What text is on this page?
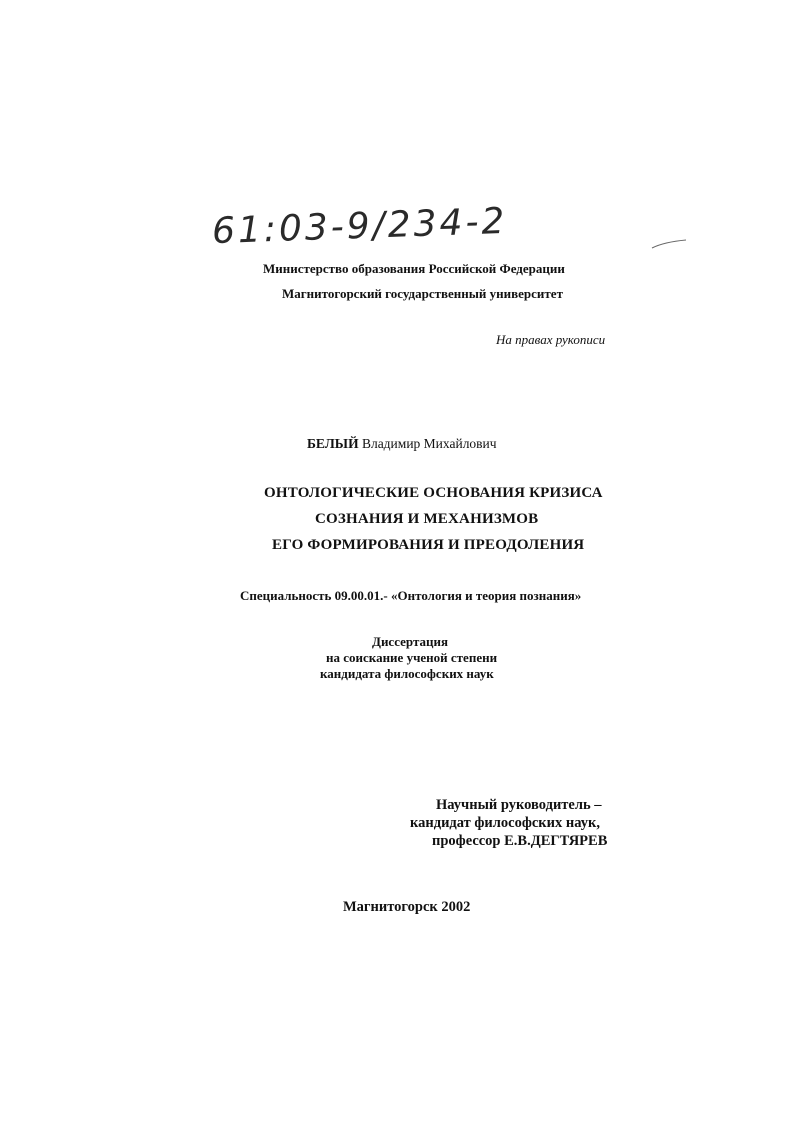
61:03-9/234-2
Министерство образования Российской Федерации
Магнитогорский государственный университет
На правах рукописи
БЕЛЫЙ Владимир Михайлович
ОНТОЛОГИЧЕСКИЕ ОСНОВАНИЯ КРИЗИСА
СОЗНАНИЯ И МЕХАНИЗМОВ
ЕГО ФОРМИРОВАНИЯ И ПРЕОДОЛЕНИЯ
Специальность 09.00.01.- «Онтология и теория познания»
Диссертация
на соискание ученой степени
кандидата философских наук
Научный руководитель –
кандидат философских наук,
профессор Е.В.ДЕГТЯРЕВ
Магнитогорск 2002
